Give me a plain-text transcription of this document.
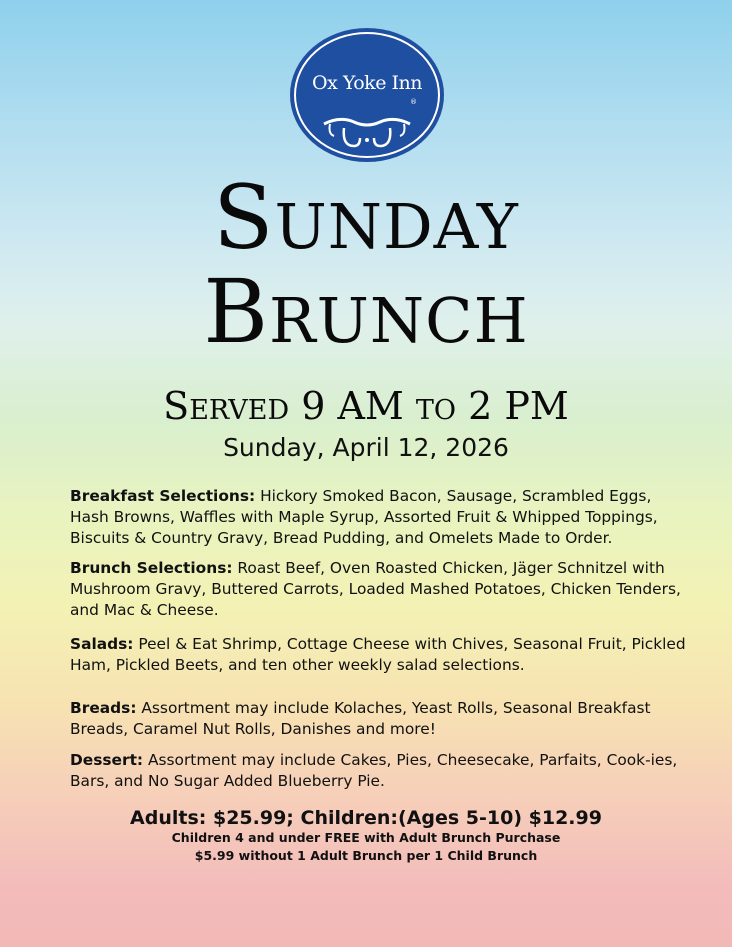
Ox Yoke Inn
®
Sunday
Brunch
Served 9 AM to 2 PM
Sunday, April 12, 2026
Breakfast Selections: Hickory Smoked Bacon, Sausage, Scrambled Eggs, Hash Browns, Waffles with Maple Syrup, Assorted Fruit & Whipped Toppings, Biscuits & Country Gravy, Bread Pudding, and Omelets Made to Order.
Brunch Selections: Roast Beef, Oven Roasted Chicken, Jäger Schnitzel with Mushroom Gravy, Buttered Carrots, Loaded Mashed Potatoes, Chicken Tenders, and Mac & Cheese.
Salads: Peel & Eat Shrimp, Cottage Cheese with Chives, Seasonal Fruit, Pickled Ham, Pickled Beets, and ten other weekly salad selections.
Breads: Assortment may include Kolaches, Yeast Rolls, Seasonal Breakfast Breads, Caramel Nut Rolls, Danishes and more!
Dessert: Assortment may include Cakes, Pies, Cheesecake, Parfaits, Cook-ies, Bars, and No Sugar Added Blueberry Pie.
Adults: $25.99; Children:(Ages 5-10) $12.99
Children 4 and under FREE with Adult Brunch Purchase
$5.99 without 1 Adult Brunch per 1 Child Brunch
